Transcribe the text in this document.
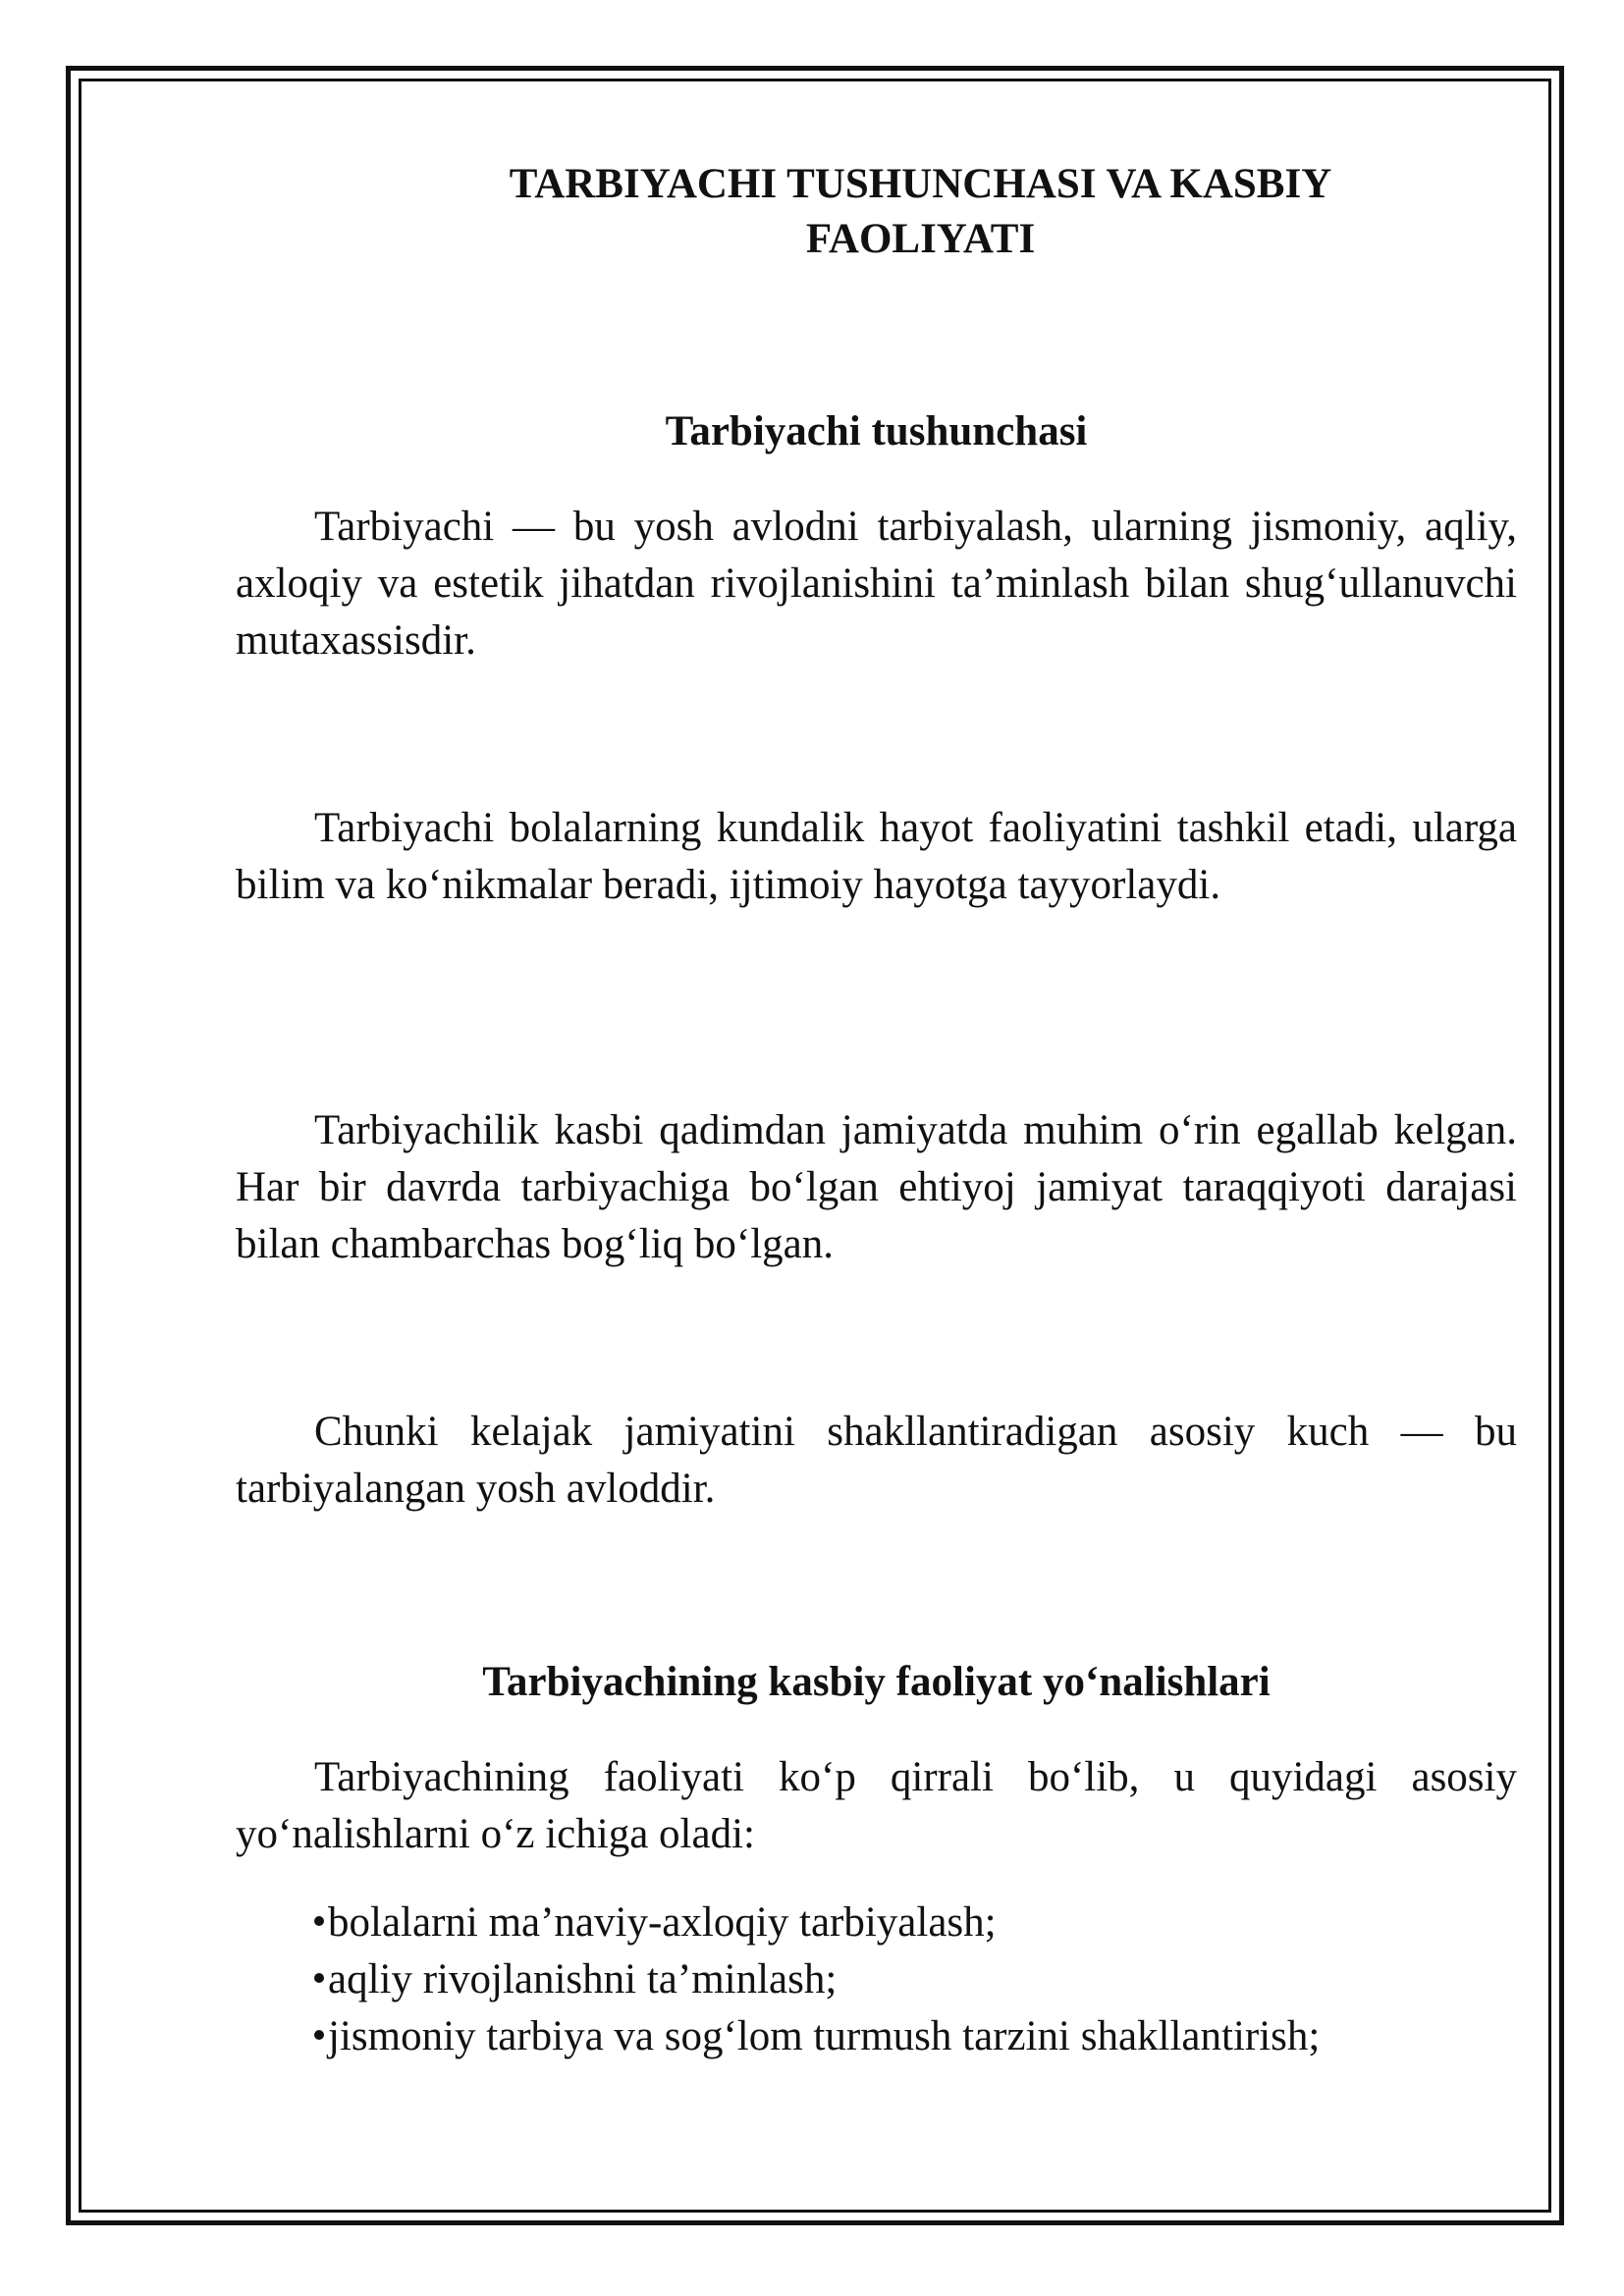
TARBIYACHI TUSHUNCHASI VA KASBIY
FAOLIYATI
Tarbiyachi tushunchasi

Tarbiyachi — bu yosh avlodni tarbiyalash, ularning jismoniy, aqliy, axloqiy va estetik jihatdan rivojlanishini ta’minlash bilan shug‘ullanuvchi mutaxassisdir.

Tarbiyachi bolalarning kundalik hayot faoliyatini tashkil etadi, ularga bilim va ko‘nikmalar beradi, ijtimoiy hayotga tayyorlaydi.

Tarbiyachilik kasbi qadimdan jamiyatda muhim o‘rin egallab kelgan. Har bir davrda tarbiyachiga bo‘lgan ehtiyoj jamiyat taraqqiyoti darajasi bilan chambarchas bog‘liq bo‘lgan.

Chunki kelajak jamiyatini shakllantiradigan asosiy kuch — bu tarbiyalangan yosh avloddir.

Tarbiyachining kasbiy faoliyat yo‘nalishlari

Tarbiyachining faoliyati ko‘p qirrali bo‘lib, u quyidagi asosiy yo‘nalishlarni o‘z ichiga oladi:

bolalarni ma’naviy-axloqiy tarbiyalash;
aqliy rivojlanishni ta’minlash;
jismoniy tarbiya va sog‘lom turmush tarzini shakllantirish;
